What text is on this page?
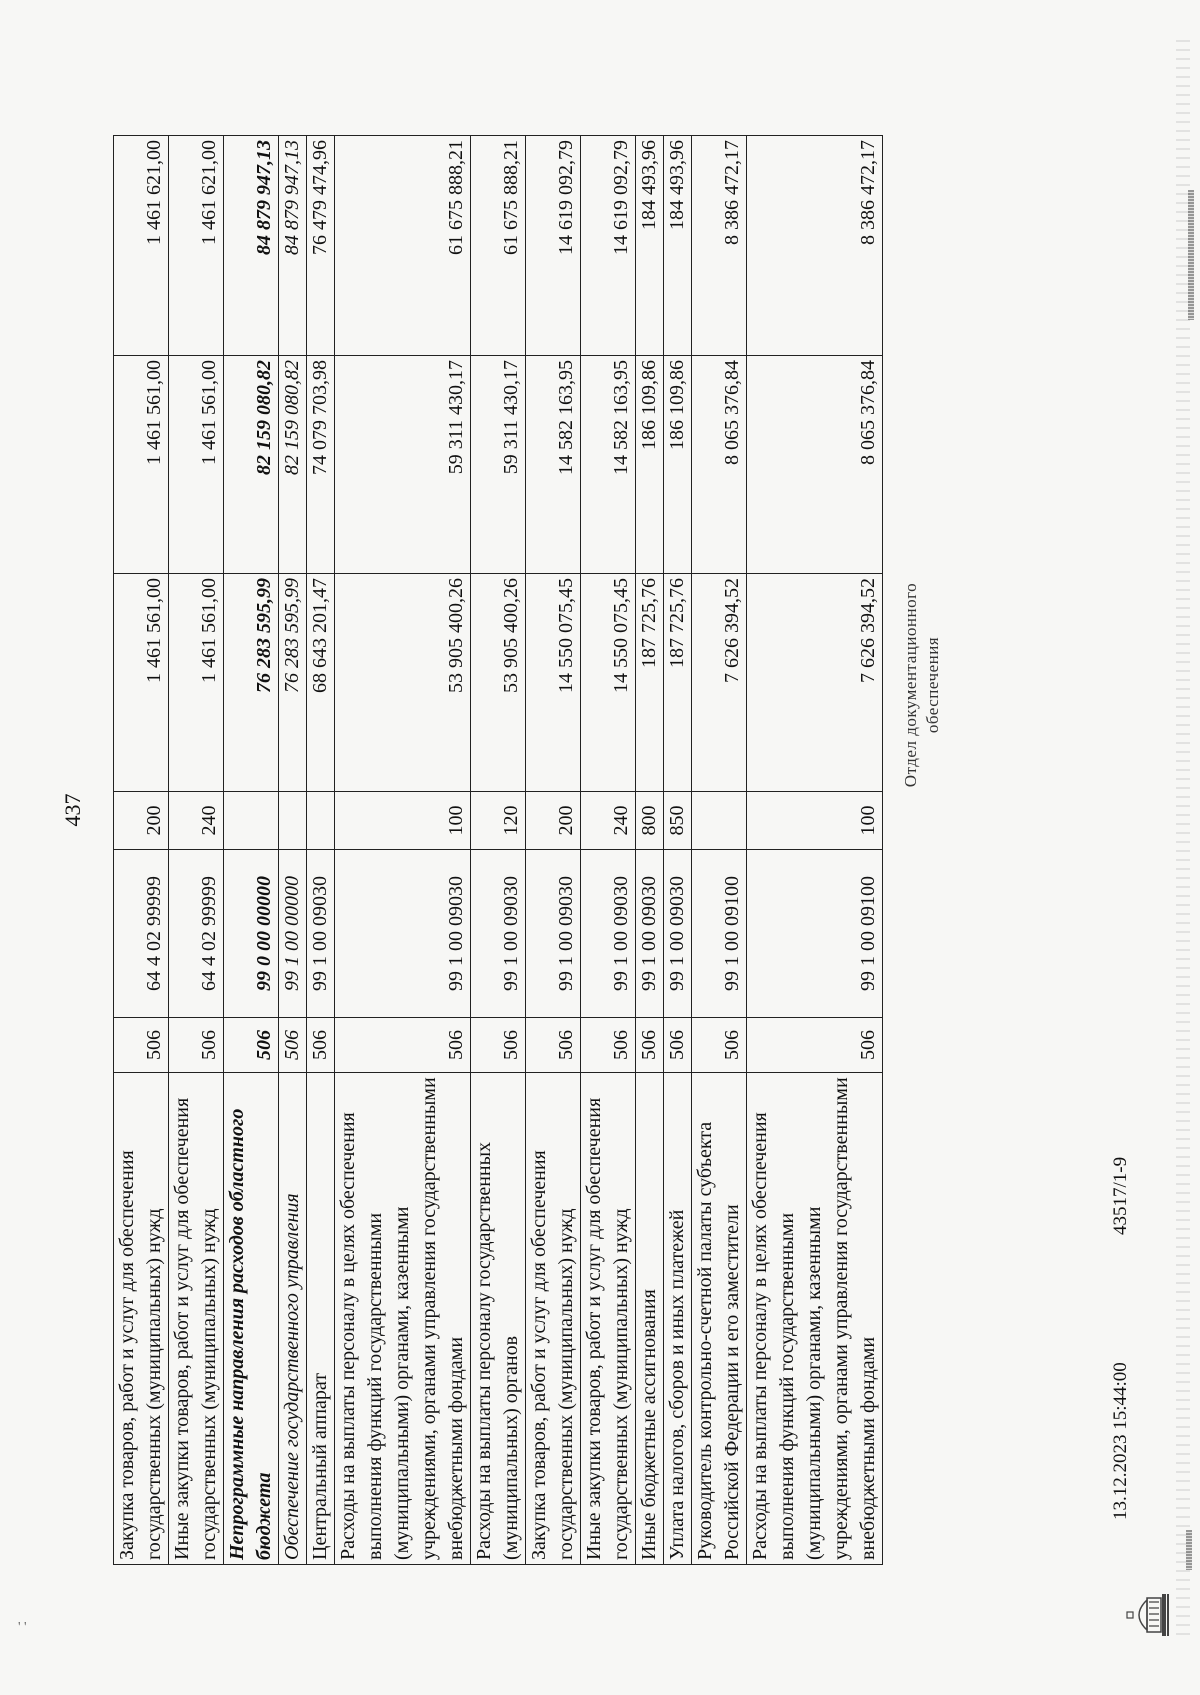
437
Закупка товаров, работ и услуг для обеспечения государственных (муниципальных) нужд	506	64 4 02 99999	200	1 461 561,00	1 461 561,00	1 461 621,00
Иные закупки товаров, работ и услуг для обеспечения государственных (муниципальных) нужд	506	64 4 02 99999	240	1 461 561,00	1 461 561,00	1 461 621,00
Непрограммные направления расходов областного бюджета	506	99 0 00 00000		76 283 595,99	82 159 080,82	84 879 947,13
Обеспечение государственного управления	506	99 1 00 00000		76 283 595,99	82 159 080,82	84 879 947,13
Центральный аппарат	506	99 1 00 09030		68 643 201,47	74 079 703,98	76 479 474,96
Расходы на выплаты персоналу в целях обеспечения выполнения функций государственными (муниципальными) органами, казенными учреждениями, органами управления государственными внебюджетными фондами	506	99 1 00 09030	100	53 905 400,26	59 311 430,17	61 675 888,21
Расходы на выплаты персоналу государственных (муниципальных) органов	506	99 1 00 09030	120	53 905 400,26	59 311 430,17	61 675 888,21
Закупка товаров, работ и услуг для обеспечения государственных (муниципальных) нужд	506	99 1 00 09030	200	14 550 075,45	14 582 163,95	14 619 092,79
Иные закупки товаров, работ и услуг для обеспечения государственных (муниципальных) нужд	506	99 1 00 09030	240	14 550 075,45	14 582 163,95	14 619 092,79
Иные бюджетные ассигнования	506	99 1 00 09030	800	187 725,76	186 109,86	184 493,96
Уплата налогов, сборов и иных платежей	506	99 1 00 09030	850	187 725,76	186 109,86	184 493,96
Руководитель контрольно-счетной палаты субъекта Российской Федерации и его заместители	506	99 1 00 09100		7 626 394,52	8 065 376,84	8 386 472,17
Расходы на выплаты персоналу в целях обеспечения выполнения функций государственными (муниципальными) органами, казенными учреждениями, органами управления государственными внебюджетными фондами	506	99 1 00 09100	100	7 626 394,52	8 065 376,84	8 386 472,17
13.12.2023 15:44:00
43517/1-9
Отдел документационного обеспечения
' '
